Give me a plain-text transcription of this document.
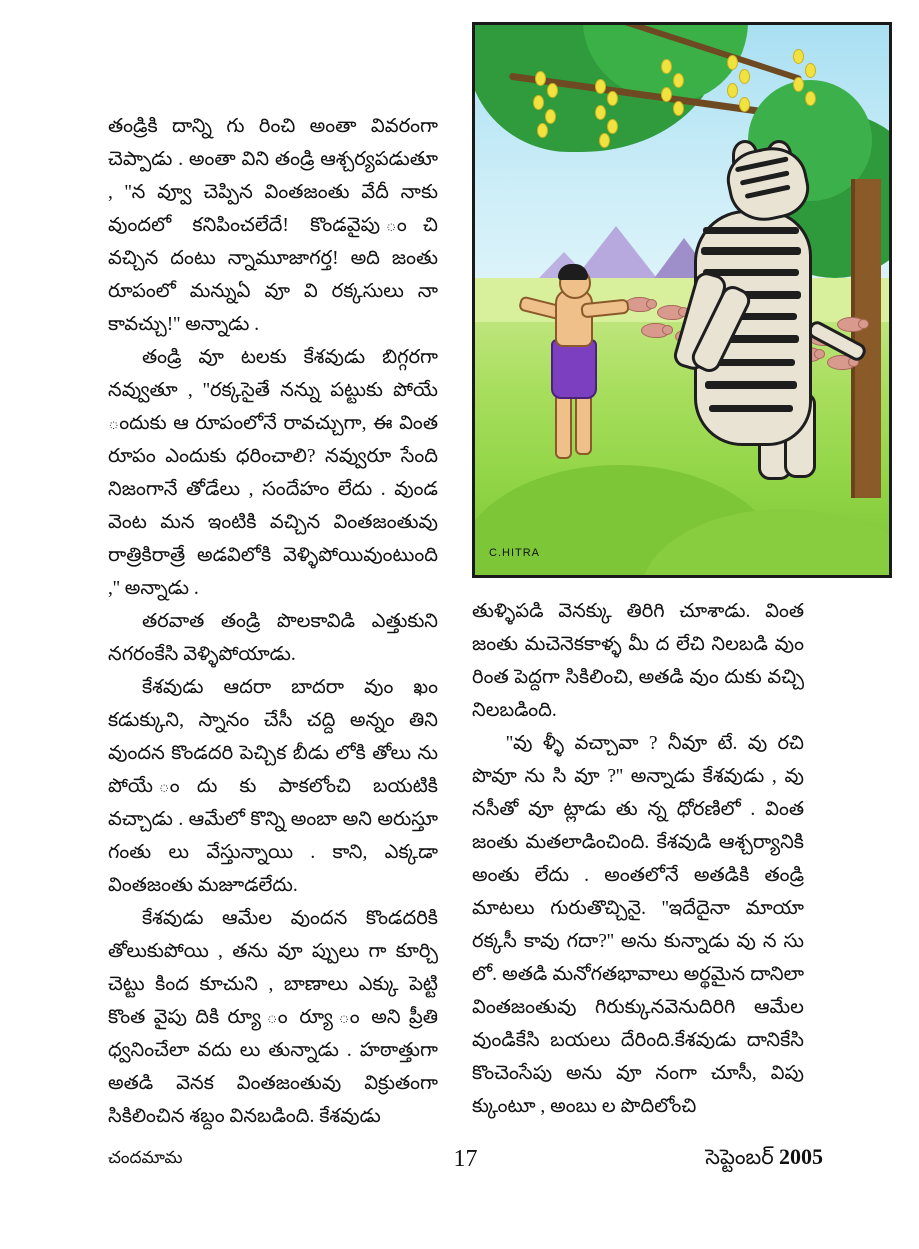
C.HITRA

తండ్రికి దాన్ని గు రించి అంతా వివరంగా చెప్పాడు . అంతా విని తండ్రి ఆశ్చర్యపడుతూ , ''న వ్వూ చెప్పిన వింతజంతు వేదీ నాకు వుందలో కనిపించలేదే! కొండవైపు ంచి వచ్చిన దంటు న్నామూజాగర్త! అది జంతు రూపంలో మన్నుఏ వూ వి రక్కసులు నా కావచ్చు!'' అన్నాడు .

తండ్రి వూ టలకు కేశవుడు బిగ్గరగా నవ్వుతూ , ''రక్కసైతే నన్ను పట్టుకు పోయే ందుకు ఆ రూపంలోనే రావచ్చుగా, ఈ వింత రూపం ఎందుకు ధరించాలి? నవ్వురూ సేంది నిజంగానే తోడేలు , సందేహం లేదు . వుండ వెంట మన ఇంటికి వచ్చిన వింతజంతువు రాత్రికిరాత్రే అడవిలోకి వెళ్ళిపోయివుంటుంది ,'' అన్నాడు .

తరవాత తండ్రి పొలకావిడి ఎత్తుకుని నగరంకేసి వెళ్ళిపోయాడు.

కేశవుడు ఆదరా బాదరా వుం ఖం కడుక్కుని, స్నానం చేసీ చద్ది అన్నం తిని వుందన కొండదరి పెచ్చిక బీడు లోకి తోలు ను పోయే ందు కు పాకలోంచి బయటికి వచ్చాడు . ఆమేలో కొన్ని అంబా అని అరుస్తూ గంతు లు వేస్తున్నాయి . కాని, ఎక్కడా వింతజంతు మజూడలేదు.

కేశవుడు ఆమేల వుందన కొండదరికి తోలుకుపోయి , తను వూ ప్పులు గా కూర్చి చెట్టు కింద కూచుని , బాణాలు ఎక్కు పెట్టి కొంత వైపు దికి ర్యూ ం ర్యూ ం అని ప్రీతి ధ్వనించేలా వదు లు తున్నాడు . హఠాత్తుగా అతడి వెనక వింతజంతువు విక్రుతంగా సికిలించిన శబ్దం వినబడింది. కేశవుడు

తుళ్ళిపడి వెనక్కు తిరిగి చూశాడు. వింత జంతు మచెనెకకాళ్ళ మీ ద లేచి నిలబడి వుం రింత పెద్దగా సికిలించి, అతడి వుం దుకు వచ్చి నిలబడింది.

''వు ళ్ళీ వచ్చావా ? నీవూ టే. వు రచి పొవూ ను సి వూ ?'' అన్నాడు కేశవుడు , వు నసీతో వూ ట్లాడు తు న్న ధోరణిలో . వింత జంతు మతలాడించింది. కేశవుడి ఆశ్చర్యానికి అంతు లేదు . అంతలోనే అతడికి తండ్రి మాటలు గురుతొచ్చినై. ''ఇదేదైనా మాయా రక్కసీ కావు గదా?'' అను కున్నాడు వు న సు లో. అతడి మనోగతభావాలు అర్థమైన దానిలా వింతజంతువు గిరుక్కునవెనుదిరిగి ఆమేల వుండికేసి బయలు దేరింది.కేశవుడు దానికేసి కొంచెంసేపు అను వూ నంగా చూసీ, విపు క్కుంటూ , అంబు ల పొదిలోంచి

చందమామ	17	సెప్టెంబర్ 2005
